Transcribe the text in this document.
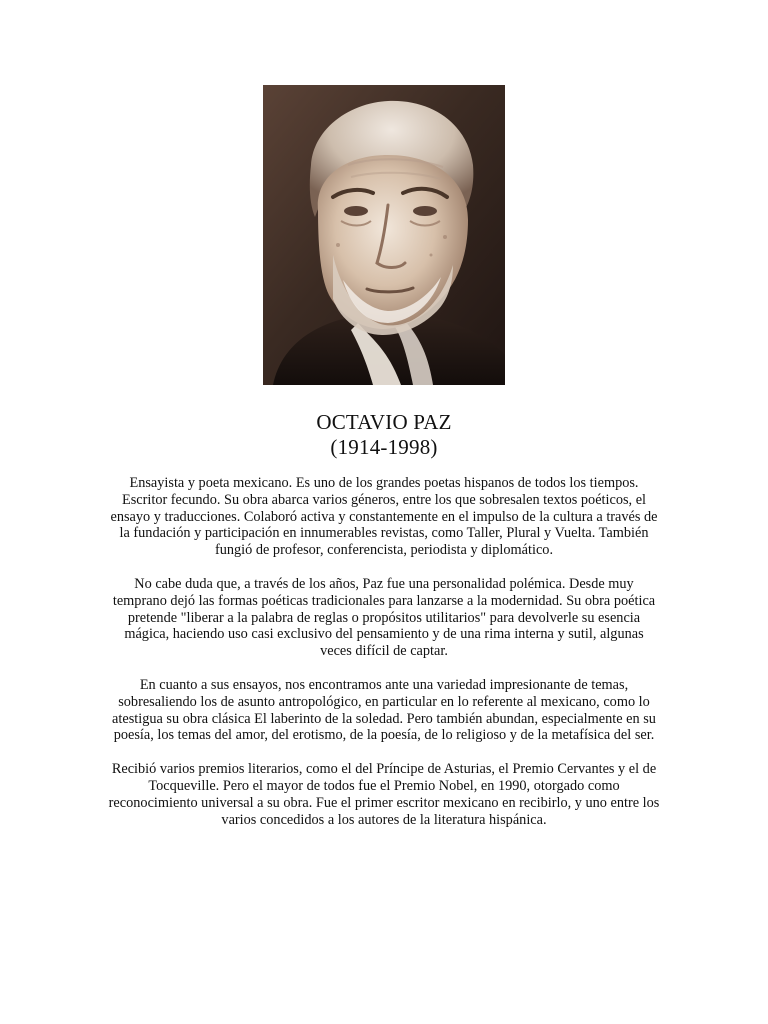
OCTAVIO PAZ
(1914-1998)

Ensayista y poeta mexicano. Es uno de los grandes poetas hispanos de todos los tiempos. Escritor fecundo. Su obra abarca varios géneros, entre los que sobresalen textos poéticos, el ensayo y traducciones. Colaboró activa y constantemente en el impulso de la cultura a través de la fundación y participación en innumerables revistas, como Taller, Plural y Vuelta. También fungió de profesor, conferencista, periodista y diplomático.

No cabe duda que, a través de los años, Paz fue una personalidad polémica. Desde muy temprano dejó las formas poéticas tradicionales para lanzarse a la modernidad. Su obra poética pretende "liberar a la palabra de reglas o propósitos utilitarios" para devolverle su esencia mágica, haciendo uso casi exclusivo del pensamiento y de una rima interna y sutil, algunas veces difícil de captar.

En cuanto a sus ensayos, nos encontramos ante una variedad impresionante de temas, sobresaliendo los de asunto antropológico, en particular en lo referente al mexicano, como lo atestigua su obra clásica El laberinto de la soledad. Pero también abundan, especialmente en su poesía, los temas del amor, del erotismo, de la poesía, de lo religioso y de la metafísica del ser.

Recibió varios premios literarios, como el del Príncipe de Asturias, el Premio Cervantes y el de Tocqueville. Pero el mayor de todos fue el Premio Nobel, en 1990, otorgado como reconocimiento universal a su obra. Fue el primer escritor mexicano en recibirlo, y uno entre los varios concedidos a los autores de la literatura hispánica.
